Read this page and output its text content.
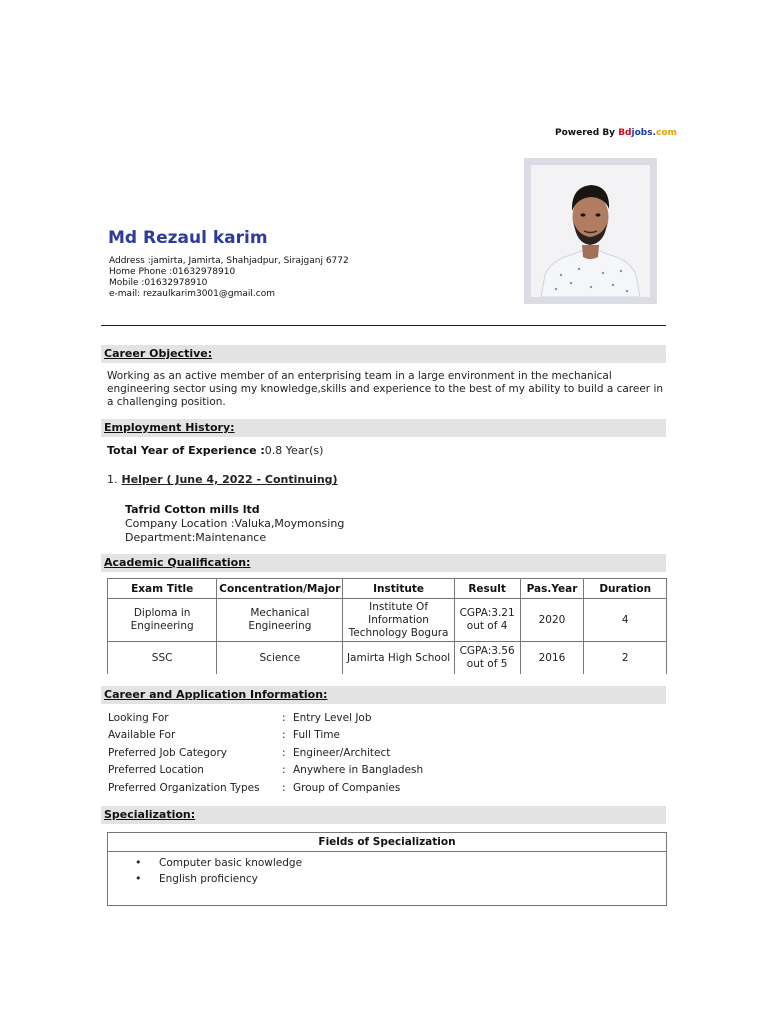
Powered By Bdjobs.com
Md Rezaul karim
Address :jamirta, Jamirta, Shahjadpur, Sirajganj 6772
Home Phone :01632978910
Mobile :01632978910
e-mail: rezaulkarim3001@gmail.com
Career Objective:
Working as an active member of an enterprising team in a large environment in the mechanical engineering sector using my knowledge,skills and experience to the best of my ability to build a career in a challenging position.
Employment History:
Total Year of Experience :0.8 Year(s)
1. Helper ( June 4, 2022 - Continuing)
Tafrid Cotton mills ltd
Company Location :Valuka,Moymonsing
Department:Maintenance
Academic Qualification:
Exam Title	Concentration/Major	Institute	Result	Pas.Year	Duration
Diploma in Engineering	Mechanical Engineering	Institute Of Information Technology Bogura	CGPA:3.21 out of 4	2020	4
SSC	Science	Jamirta High School	CGPA:3.56 out of 5	2016	2
Career and Application Information:
Looking For	: Entry Level Job
Available For	: Full Time
Preferred Job Category	: Engineer/Architect
Preferred Location	: Anywhere in Bangladesh
Preferred Organization Types	: Group of Companies
Specialization:
Fields of Specialization
• Computer basic knowledge
• English proficiency
